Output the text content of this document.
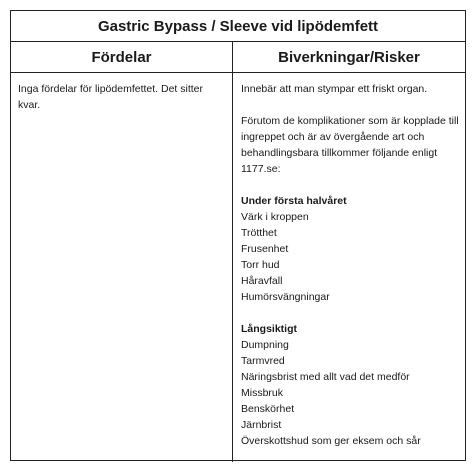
Gastric Bypass / Sleeve vid lipödemfett
Fördelar	Biverkningar/Risker

Inga fördelar för lipödemfettet. Det sitter kvar.

Innebär att man stympar ett friskt organ.

Förutom de komplikationer som är kopplade till ingreppet och är av övergående art och behandlingsbara tillkommer följande enligt 1177.se:

Under första halvåret

Värk i kroppen

Trötthet

Frusenhet

Torr hud

Håravfall

Humörsvängningar

Långsiktigt

Dumpning

Tarmvred

Näringsbrist med allt vad det medför

Missbruk

Benskörhet

Järnbrist

Överskottshud som ger eksem och sår
